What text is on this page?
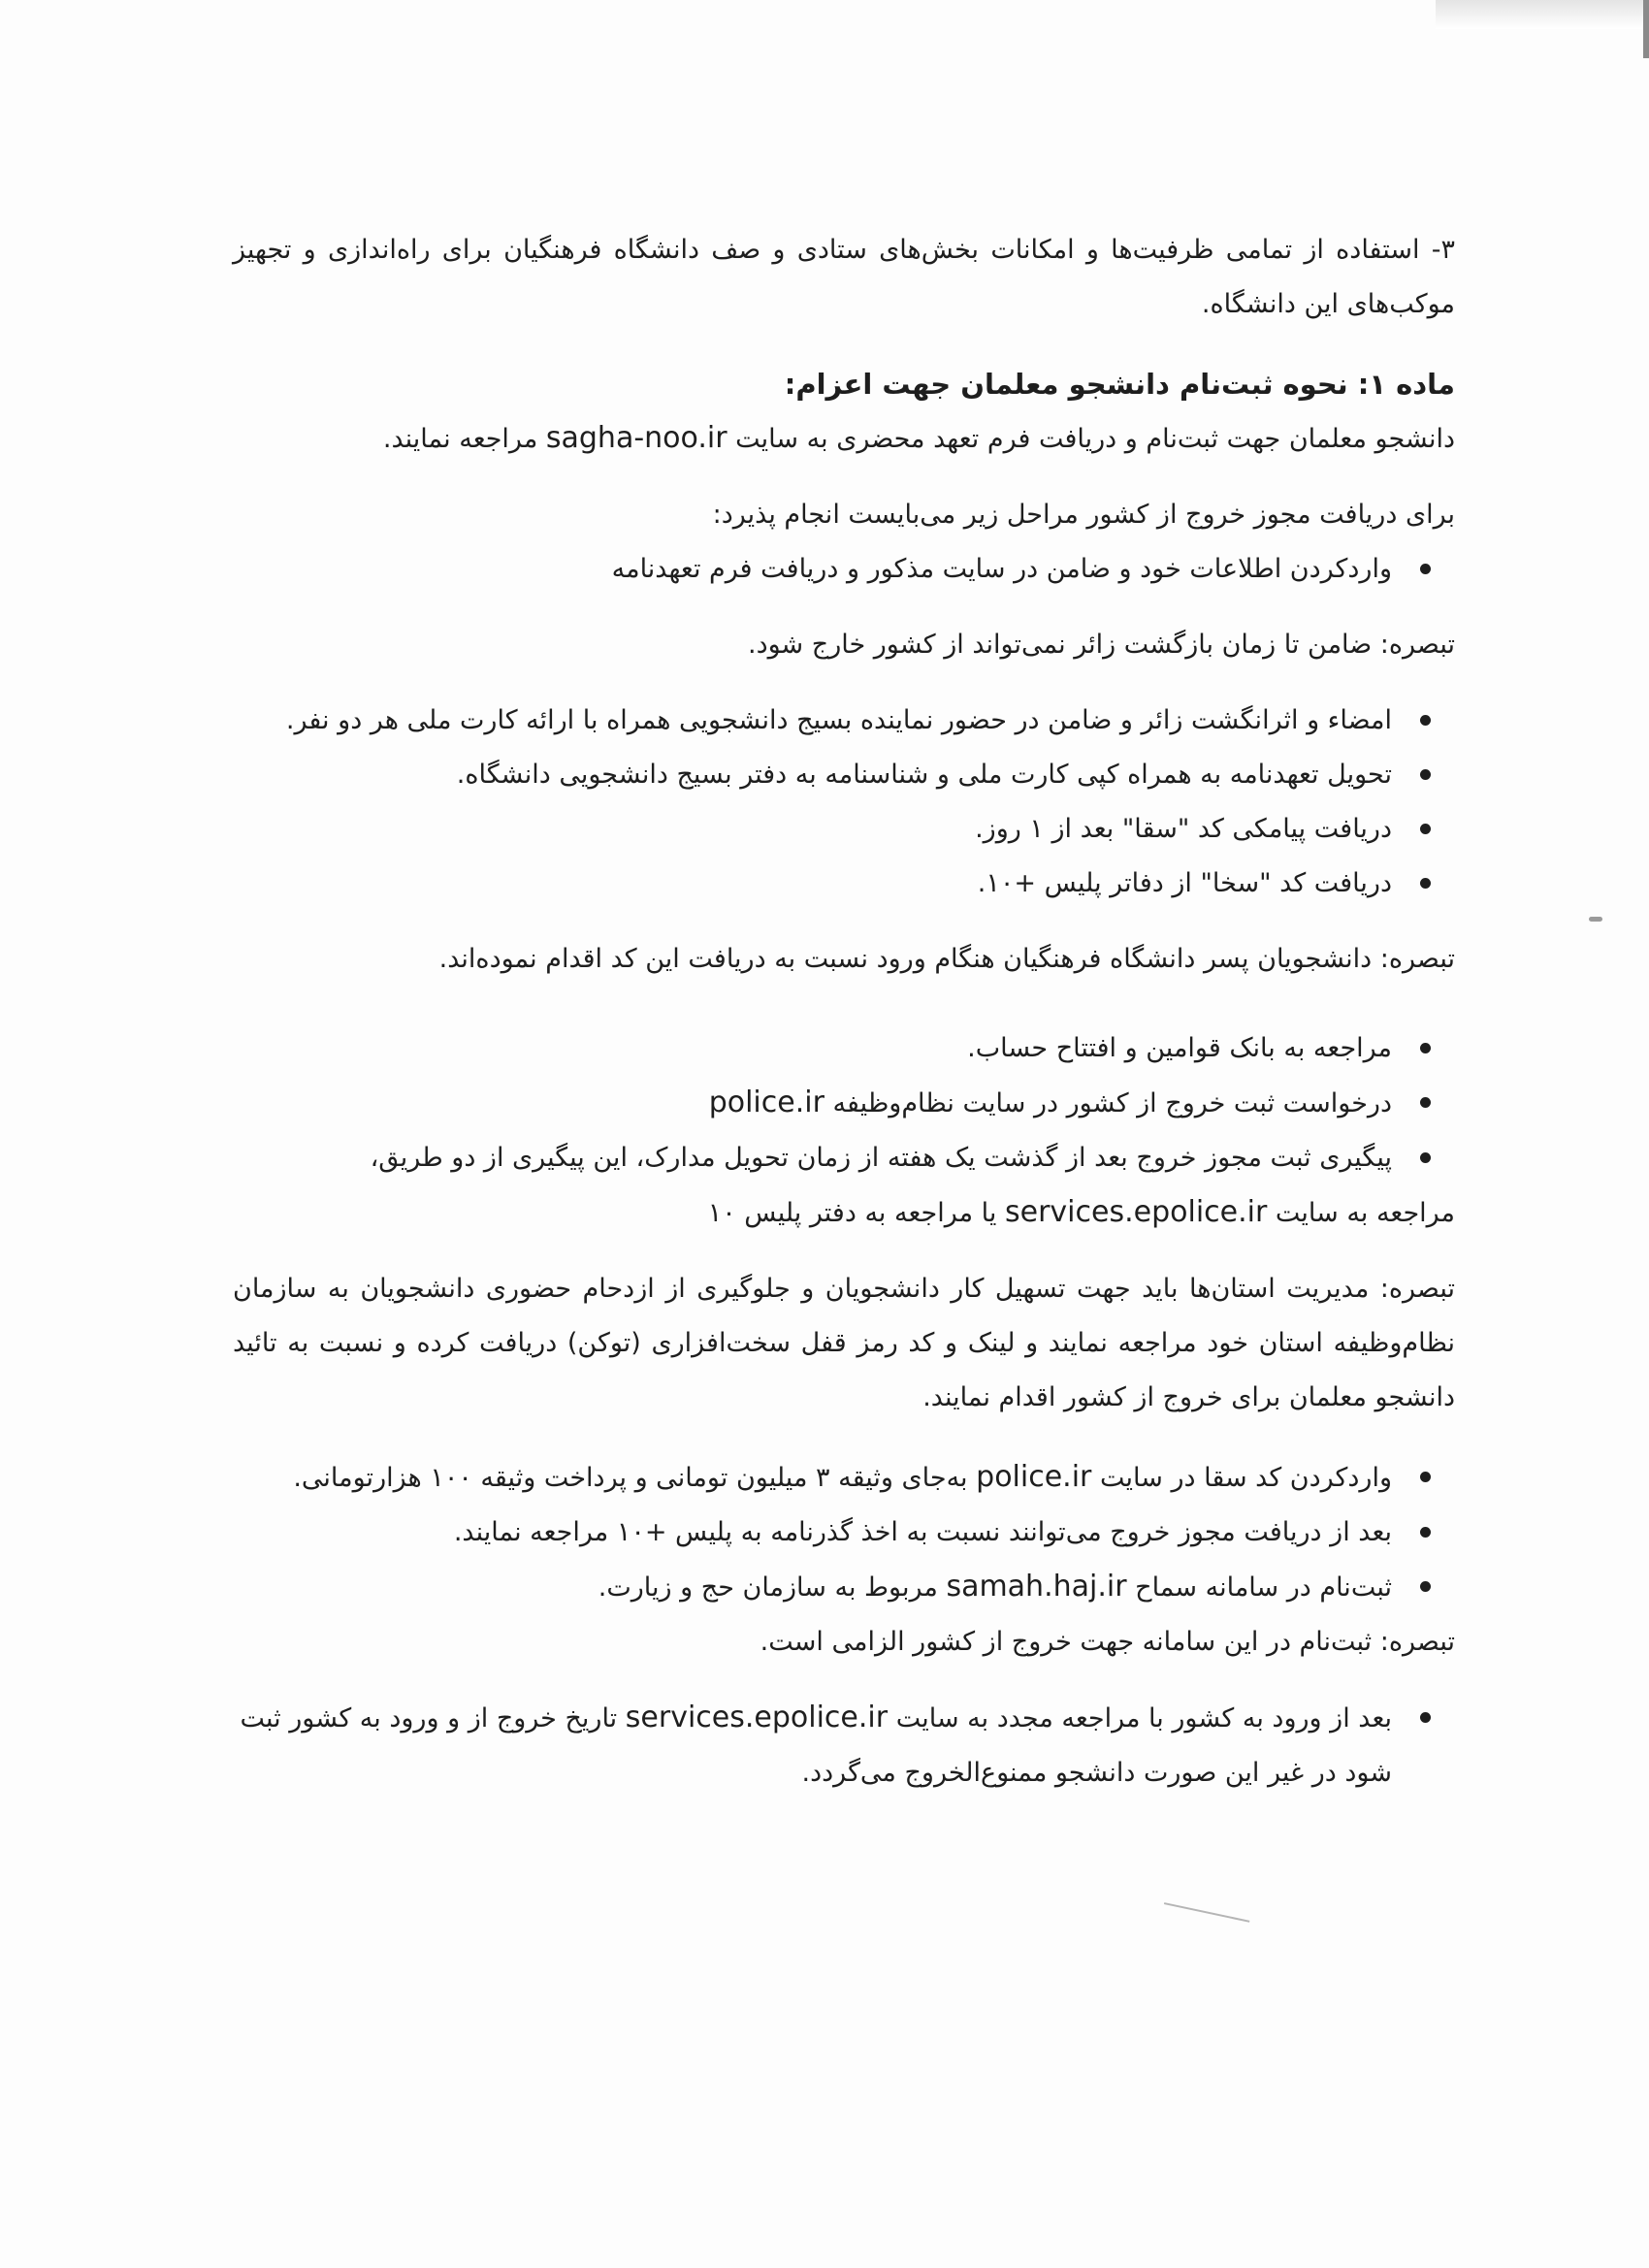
۳- استفاده از تمامی ظرفیت‌ها و امکانات بخش‌های ستادی و صف دانشگاه فرهنگیان برای راه‌اندازی و تجهیز موکب‌های این دانشگاه.

ماده ۱: نحوه ثبت‌نام دانشجو معلمان جهت اعزام:

دانشجو معلمان جهت ثبت‌نام و دریافت فرم تعهد محضری به سایت sagha-noo.ir مراجعه نمایند.

برای دریافت مجوز خروج از کشور مراحل زیر می‌بایست انجام پذیرد:

واردکردن اطلاعات خود و ضامن در سایت مذکور و دریافت فرم تعهدنامه

تبصره: ضامن تا زمان بازگشت زائر نمی‌تواند از کشور خارج شود.

امضاء و اثرانگشت زائر و ضامن در حضور نماینده بسیج دانشجویی همراه با ارائه کارت ملی هر دو نفر.
تحویل تعهدنامه به همراه کپی کارت ملی و شناسنامه به دفتر بسیج دانشجویی دانشگاه.
دریافت پیامکی کد "سقا" بعد از ۱ روز.
دریافت کد "سخا" از دفاتر پلیس +۱۰.

تبصره: دانشجویان پسر دانشگاه فرهنگیان هنگام ورود نسبت به دریافت این کد اقدام نموده‌اند.

مراجعه به بانک قوامین و افتتاح حساب.
درخواست ثبت خروج از کشور در سایت نظام‌وظیفه police.ir
پیگیری ثبت مجوز خروج بعد از گذشت یک هفته از زمان تحویل مدارک، این پیگیری از دو طریق،

مراجعه به سایت services.epolice.ir یا مراجعه به دفتر پلیس ۱۰

تبصره: مدیریت استان‌ها باید جهت تسهیل کار دانشجویان و جلوگیری از ازدحام حضوری دانشجویان به سازمان نظام‌وظیفه استان خود مراجعه نمایند و لینک و کد رمز قفل سخت‌افزاری (توکن) دریافت کرده و نسبت به تائید دانشجو معلمان برای خروج از کشور اقدام نمایند.

واردکردن کد سقا در سایت police.ir به‌جای وثیقه ۳ میلیون تومانی و پرداخت وثیقه ۱۰۰ هزارتومانی.
بعد از دریافت مجوز خروج می‌توانند نسبت به اخذ گذرنامه به پلیس +۱۰ مراجعه نمایند.
ثبت‌نام در سامانه سماح samah.haj.ir مربوط به سازمان حج و زیارت.

تبصره: ثبت‌نام در این سامانه جهت خروج از کشور الزامی است.

بعد از ورود به کشور با مراجعه مجدد به سایت services.epolice.ir تاریخ خروج از و ورود به کشور ثبت شود در غیر این صورت دانشجو ممنوع‌الخروج می‌گردد.
